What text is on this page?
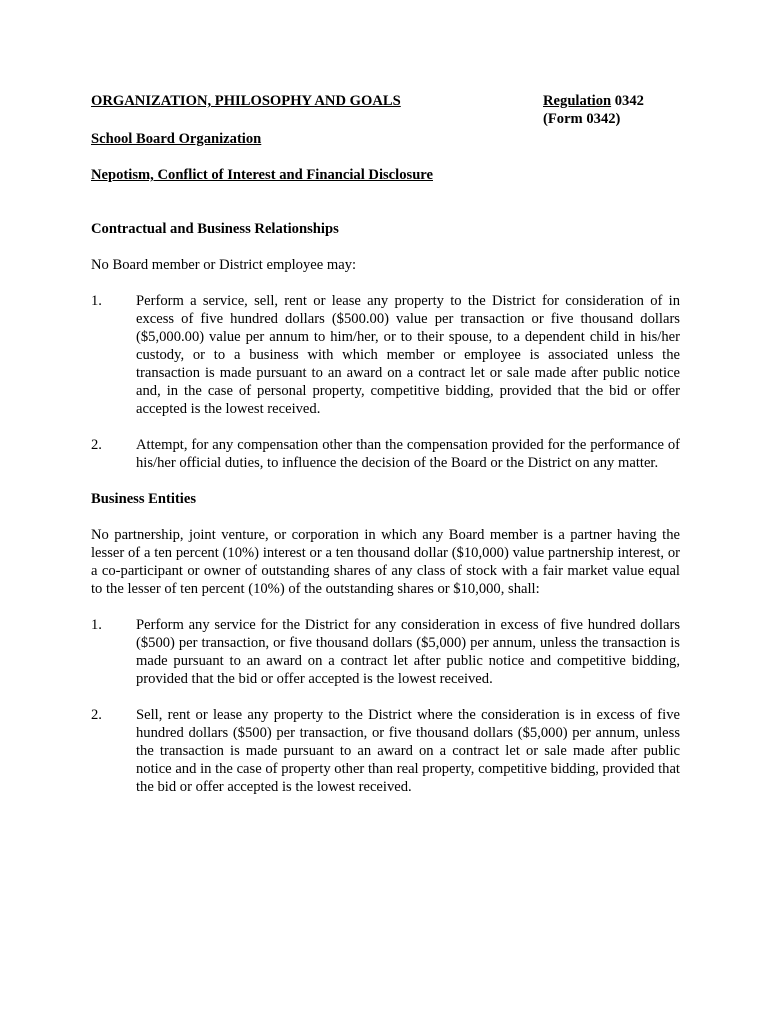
ORGANIZATION, PHILOSOPHY AND GOALS	Regulation 0342
(Form 0342)
School Board Organization
Nepotism, Conflict of Interest and Financial Disclosure
Contractual and Business Relationships

No Board member or District employee may:

1.	Perform a service, sell, rent or lease any property to the District for consideration of in excess of five hundred dollars ($500.00) value per transaction or five thousand dollars ($5,000.00) value per annum to him/her, or to their spouse, to a dependent child in his/her custody, or to a business with which member or employee is associated unless the transaction is made pursuant to an award on a contract let or sale made after public notice and, in the case of personal property, competitive bidding, provided that the bid or offer accepted is the lowest received.
2.	Attempt, for any compensation other than the compensation provided for the performance of his/her official duties, to influence the decision of the Board or the District on any matter.
Business Entities

No partnership, joint venture, or corporation in which any Board member is a partner having the lesser of a ten percent (10%) interest or a ten thousand dollar ($10,000) value partnership interest, or a co-participant or owner of outstanding shares of any class of stock with a fair market value equal to the lesser of ten percent (10%) of the outstanding shares or $10,000, shall:

1.	Perform any service for the District for any consideration in excess of five hundred dollars ($500) per transaction, or five thousand dollars ($5,000) per annum, unless the transaction is made pursuant to an award on a contract let after public notice and competitive bidding, provided that the bid or offer accepted is the lowest received.
2.	Sell, rent or lease any property to the District where the consideration is in excess of five hundred dollars ($500) per transaction, or five thousand dollars ($5,000) per annum, unless the transaction is made pursuant to an award on a contract let or sale made after public notice and in the case of property other than real property, competitive bidding, provided that the bid or offer accepted is the lowest received.
